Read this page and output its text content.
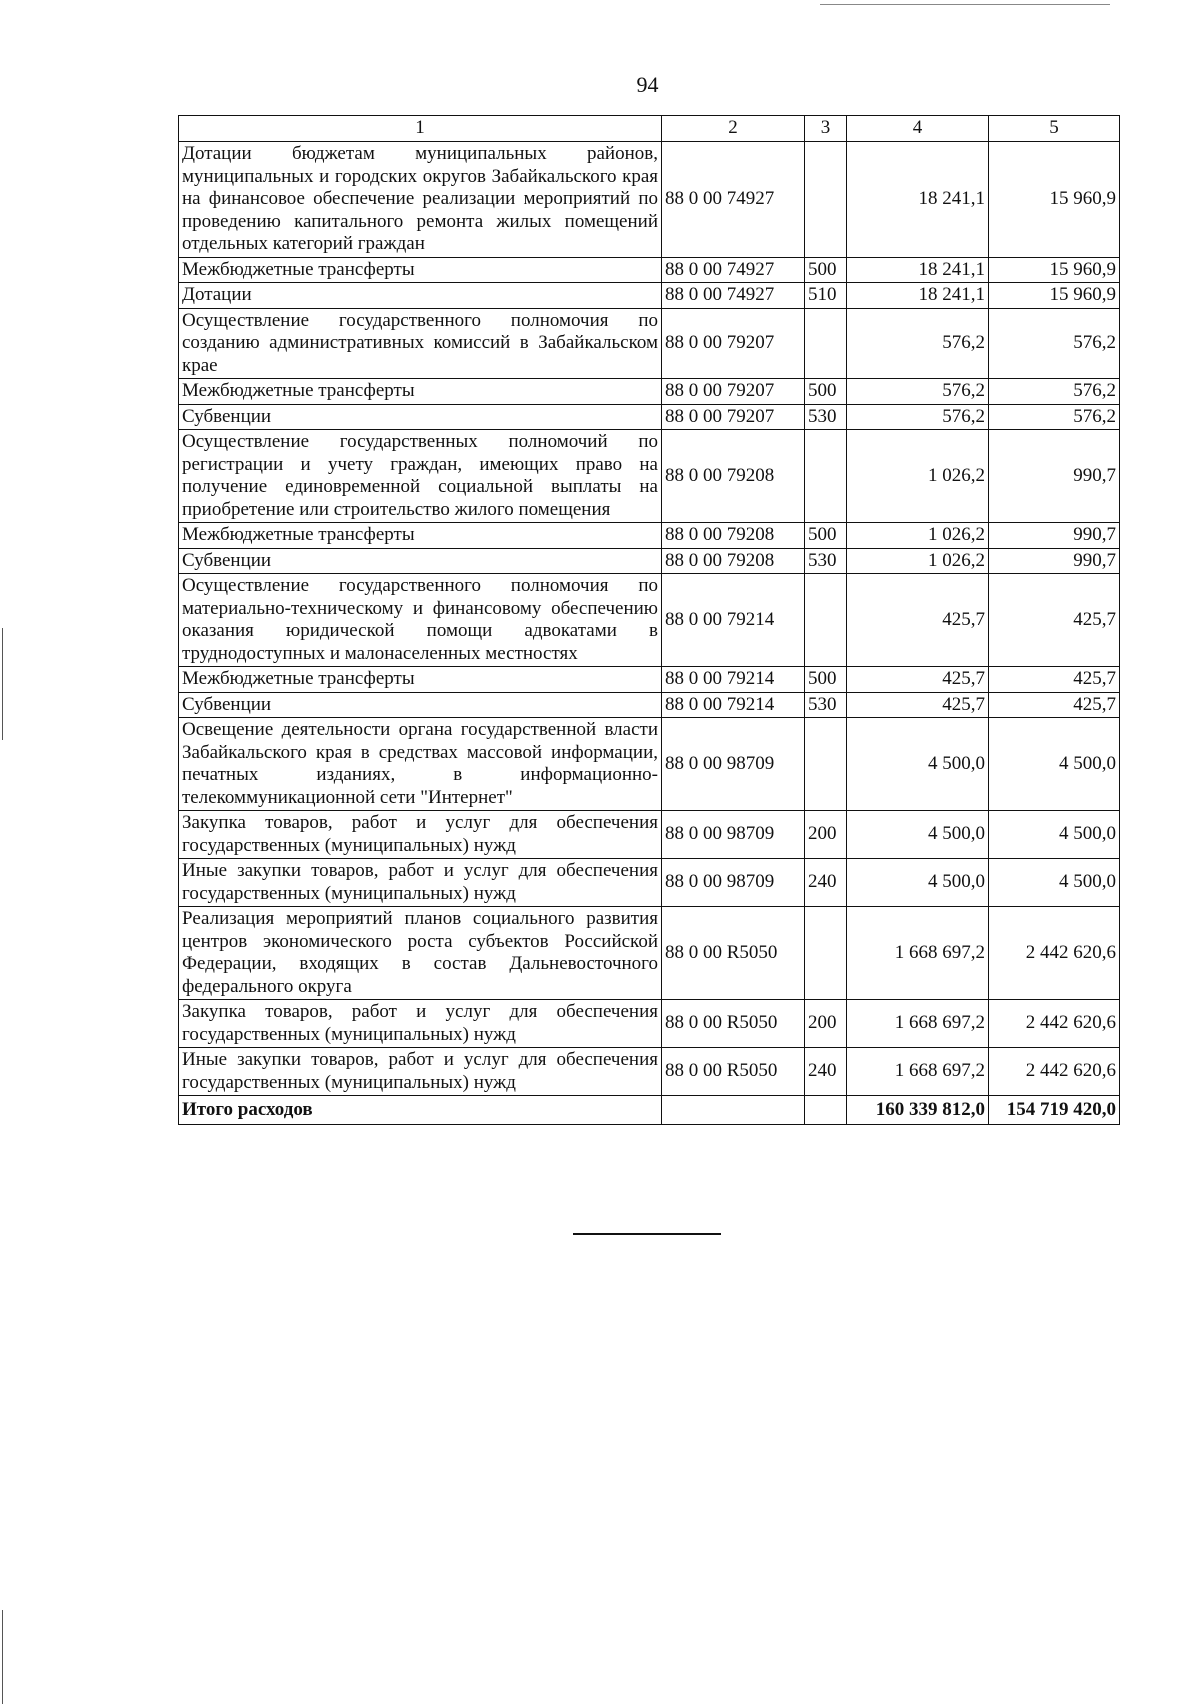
94
1	2	3	4	5
Дотации бюджетам муниципальных районов, муниципальных и городских округов Забайкальского края на финансовое обеспечение реализации мероприятий по проведению капитального ремонта жилых помещений отдельных категорий граждан	88 0 00 74927		18 241,1	15 960,9
Межбюджетные трансферты	88 0 00 74927	500	18 241,1	15 960,9
Дотации	88 0 00 74927	510	18 241,1	15 960,9
Осуществление государственного полномочия по созданию административных комиссий в Забайкальском крае	88 0 00 79207		576,2	576,2
Межбюджетные трансферты	88 0 00 79207	500	576,2	576,2
Субвенции	88 0 00 79207	530	576,2	576,2
Осуществление государственных полномочий по регистрации и учету граждан, имеющих право на получение единовременной социальной выплаты на приобретение или строительство жилого помещения	88 0 00 79208		1 026,2	990,7
Межбюджетные трансферты	88 0 00 79208	500	1 026,2	990,7
Субвенции	88 0 00 79208	530	1 026,2	990,7
Осуществление государственного полномочия по материально-техническому и финансовому обеспечению оказания юридической помощи адвокатами в труднодоступных и малонаселенных местностях	88 0 00 79214		425,7	425,7
Межбюджетные трансферты	88 0 00 79214	500	425,7	425,7
Субвенции	88 0 00 79214	530	425,7	425,7
Освещение деятельности органа государственной власти Забайкальского края в средствах массовой информации, печатных изданиях, в информационно-телекоммуникационной сети "Интернет"	88 0 00 98709		4 500,0	4 500,0
Закупка товаров, работ и услуг для обеспечения государственных (муниципальных) нужд	88 0 00 98709	200	4 500,0	4 500,0
Иные закупки товаров, работ и услуг для обеспечения государственных (муниципальных) нужд	88 0 00 98709	240	4 500,0	4 500,0
Реализация мероприятий планов социального развития центров экономического роста субъектов Российской Федерации, входящих в состав Дальневосточного федерального округа	88 0 00 R5050		1 668 697,2	2 442 620,6
Закупка товаров, работ и услуг для обеспечения государственных (муниципальных) нужд	88 0 00 R5050	200	1 668 697,2	2 442 620,6
Иные закупки товаров, работ и услуг для обеспечения государственных (муниципальных) нужд	88 0 00 R5050	240	1 668 697,2	2 442 620,6
Итого расходов			160 339 812,0	154 719 420,0
